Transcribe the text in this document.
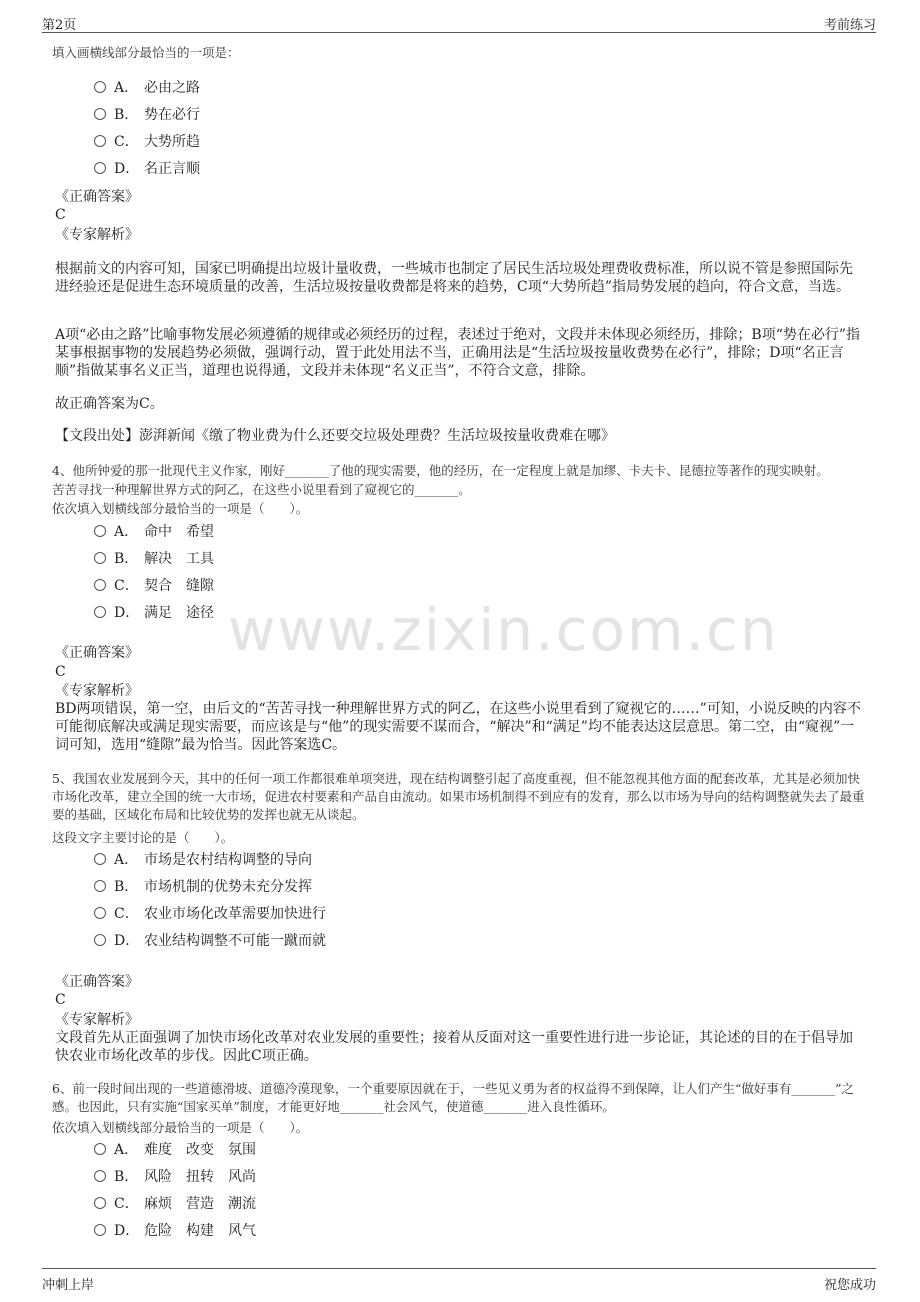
第2页	考前练习
www.zixin.com.cn
填入画横线部分最恰当的一项是：
A． 必由之路
B． 势在必行
C． 大势所趋
D． 名正言顺
《正确答案》
C
《专家解析》
根据前文的内容可知，国家已明确提出垃圾计量收费，一些城市也制定了居民生活垃圾处理费收费标准，所以说不管是参照国际先进经验还是促进生态环境质量的改善，生活垃圾按量收费都是将来的趋势，C项“大势所趋”指局势发展的趋向，符合文意，当选。
A项“必由之路”比喻事物发展必须遵循的规律或必须经历的过程，表述过于绝对，文段并未体现必须经历，排除；B项“势在必行”指某事根据事物的发展趋势必须做，强调行动，置于此处用法不当，正确用法是“生活垃圾按量收费势在必行”，排除；D项“名正言顺”指做某事名义正当，道理也说得通，文段并未体现“名义正当”，不符合文意，排除。
故正确答案为C。
【文段出处】澎湃新闻《缴了物业费为什么还要交垃圾处理费？生活垃圾按量收费难在哪》
4、他所钟爱的那一批现代主义作家，刚好_______了他的现实需要，他的经历，在一定程度上就是加缪、卡夫卡、昆德拉等著作的现实映射。
苦苦寻找一种理解世界方式的阿乙，在这些小说里看到了窥视它的_______。
依次填入划横线部分最恰当的一项是（　　）。
A． 命中　希望
B． 解决　工具
C． 契合　缝隙
D． 满足　途径
《正确答案》
C
《专家解析》
BD两项错误，第一空，由后文的“苦苦寻找一种理解世界方式的阿乙，在这些小说里看到了窥视它的……”可知，小说反映的内容不可能彻底解决或满足现实需要，而应该是与“他”的现实需要不谋而合，“解决”和“满足”均不能表达这层意思。第二空，由“窥视”一词可知，选用“缝隙”最为恰当。因此答案选C。
5、我国农业发展到今天，其中的任何一项工作都很难单项突进，现在结构调整引起了高度重视，但不能忽视其他方面的配套改革，尤其是必须加快市场化改革，建立全国的统一大市场，促进农村要素和产品自由流动。如果市场机制得不到应有的发育，那么以市场为导向的结构调整就失去了最重要的基础，区域化布局和比较优势的发挥也就无从谈起。
这段文字主要讨论的是（　　）。
A． 市场是农村结构调整的导向
B． 市场机制的优势未充分发挥
C． 农业市场化改革需要加快进行
D． 农业结构调整不可能一蹴而就
《正确答案》
C
《专家解析》
文段首先从正面强调了加快市场化改革对农业发展的重要性；接着从反面对这一重要性进行进一步论证，其论述的目的在于倡导加快农业市场化改革的步伐。因此C项正确。
6、前一段时间出现的一些道德滑坡、道德冷漠现象，一个重要原因就在于，一些见义勇为者的权益得不到保障，让人们产生“做好事有_______”之感。也因此，只有实施“国家买单”制度，才能更好地_______社会风气，使道德_______进入良性循环。
依次填入划横线部分最恰当的一项是（　　）。
A． 难度　改变　氛围
B． 风险　扭转　风尚
C． 麻烦　营造　潮流
D． 危险　构建　风气
冲刺上岸	祝您成功
